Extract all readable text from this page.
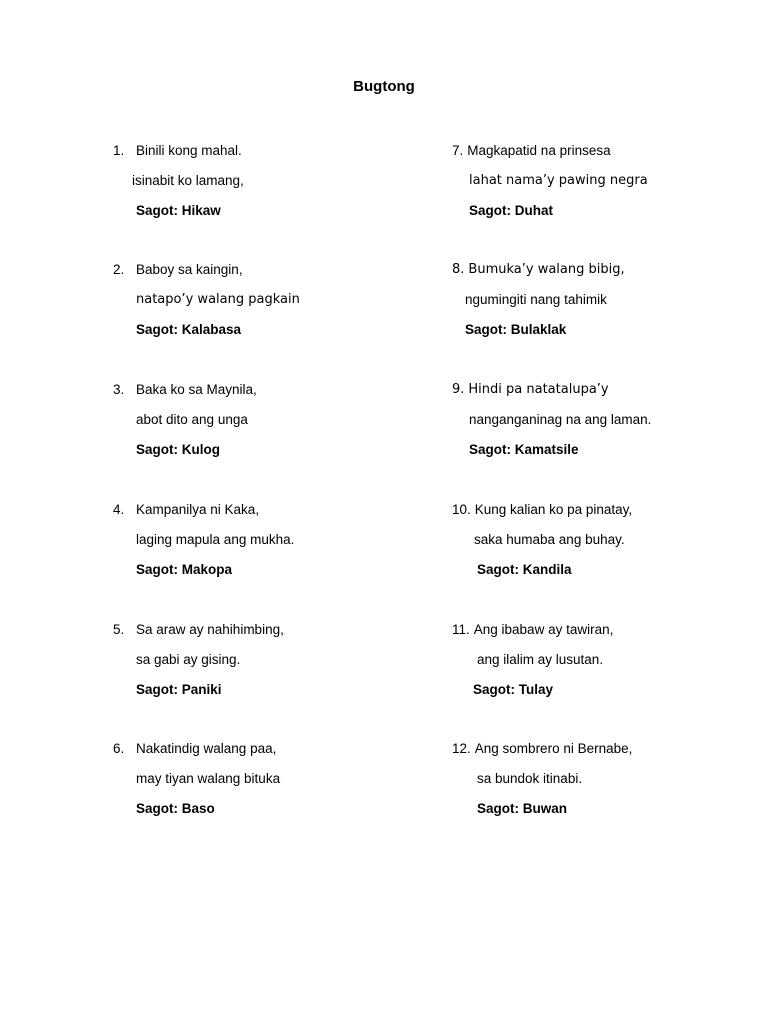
Bugtong
1. Binili kong mahal.
isinabit ko lamang,
Sagot: Hikaw
2. Baboy sa kaingin,
natapo’y walang pagkain
Sagot: Kalabasa
3. Baka ko sa Maynila,
abot dito ang unga
Sagot: Kulog
4. Kampanilya ni Kaka,
laging mapula ang mukha.
Sagot: Makopa
5. Sa araw ay nahihimbing,
sa gabi ay gising.
Sagot: Paniki
6. Nakatindig walang paa,
may tiyan walang bituka
Sagot: Baso
7. Magkapatid na prinsesa
lahat nama’y pawing negra
Sagot: Duhat
8. Bumuka’y walang bibig,
ngumingiti nang tahimik
Sagot: Bulaklak
9. Hindi pa natatalupa’y
nanganganinag na ang laman.
Sagot: Kamatsile
10. Kung kalian ko pa pinatay,
saka humaba ang buhay.
Sagot: Kandila
11. Ang ibabaw ay tawiran,
ang ilalim ay lusutan.
Sagot: Tulay
12. Ang sombrero ni Bernabe,
sa bundok itinabi.
Sagot: Buwan
